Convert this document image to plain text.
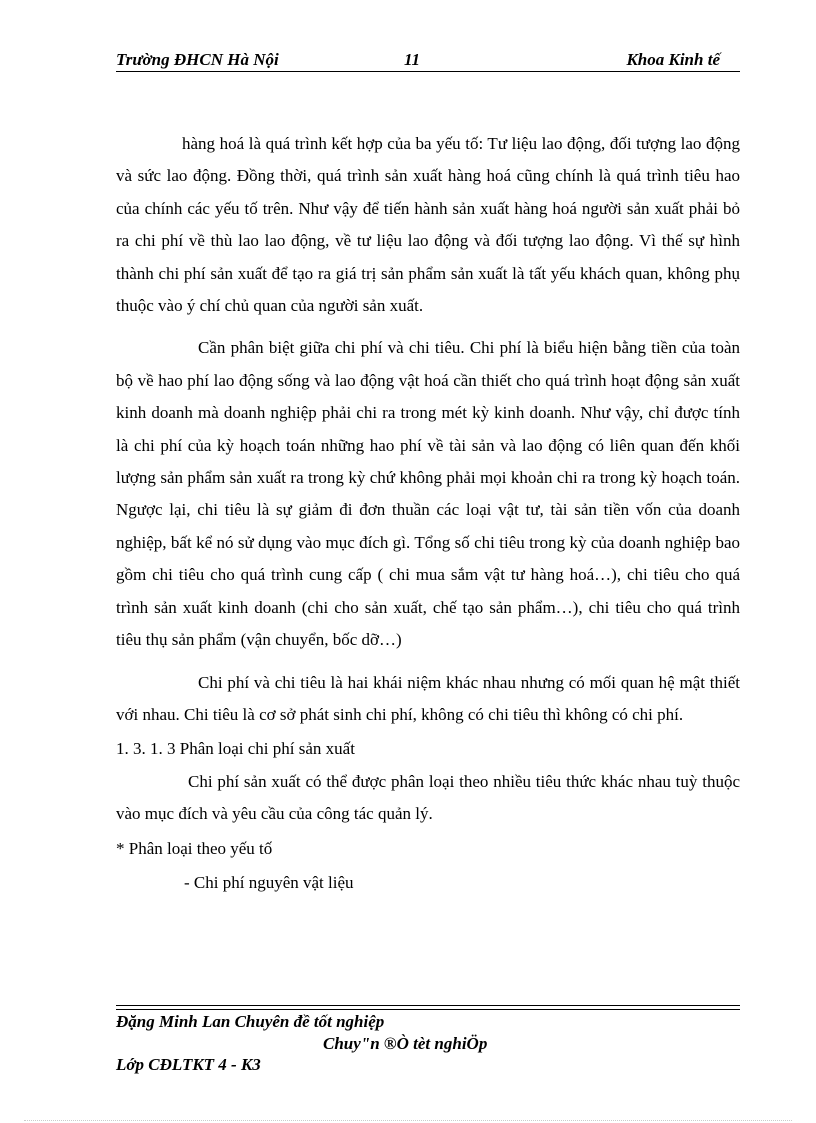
Trường ĐHCN Hà Nội	11	Khoa Kinh tế

hàng hoá là quá trình kết hợp của ba yếu tố: Tư liệu lao động, đối tượng lao động và sức lao động. Đồng thời, quá trình sản xuất hàng hoá cũng chính là quá trình tiêu hao của chính các yếu tố trên. Như vậy để tiến hành sản xuất hàng hoá người sản xuất phải bỏ ra chi phí về thù lao lao động, về tư liệu lao động và đối tượng lao động. Vì thế sự hình thành chi phí sản xuất để tạo ra giá trị sản phẩm sản xuất là tất yếu khách quan, không phụ thuộc vào ý chí chủ quan của người sản xuất.

Cần phân biệt giữa chi phí và chi tiêu. Chi phí là biểu hiện bằng tiền của toàn bộ về hao phí lao động sống và lao động vật hoá cần thiết cho quá trình hoạt động sản xuất kinh doanh mà doanh nghiệp phải chi ra trong mét kỳ kinh doanh. Như vậy, chỉ được tính là chi phí của kỳ hoạch toán những hao phí về tài sản và lao động có liên quan đến khối lượng sản phẩm sản xuất ra trong kỳ chứ không phải mọi khoản chi ra trong kỳ hoạch toán. Ngược lại, chi tiêu là sự giảm đi đơn thuần các loại vật tư, tài sản tiền vốn của doanh nghiệp, bất kể nó sử dụng vào mục đích gì. Tổng số chi tiêu trong kỳ của doanh nghiệp bao gồm chi tiêu cho quá trình cung cấp ( chi mua sắm vật tư hàng hoá…), chi tiêu cho quá trình sản xuất kinh doanh (chi cho sản xuất, chế tạo sản phẩm…), chi tiêu cho quá trình tiêu thụ sản phẩm (vận chuyển, bốc dỡ…)

Chi phí và chi tiêu là hai khái niệm khác nhau nhưng có mối quan hệ mật thiết với nhau. Chi tiêu là cơ sở phát sinh chi phí, không có chi tiêu thì không có chi phí.

1. 3. 1. 3 Phân loại chi phí sản xuất

Chi phí sản xuất có thể được phân loại theo nhiều tiêu thức khác nhau tuỳ thuộc vào mục đích và yêu cầu của công tác quản lý.

* Phân loại theo yếu tố

- Chi phí nguyên vật liệu

Đặng Minh Lan Chuyên đề tốt nghiệp
Chuy"n ®Ò tèt nghiÖp
Lớp CĐLTKT 4 - K3
